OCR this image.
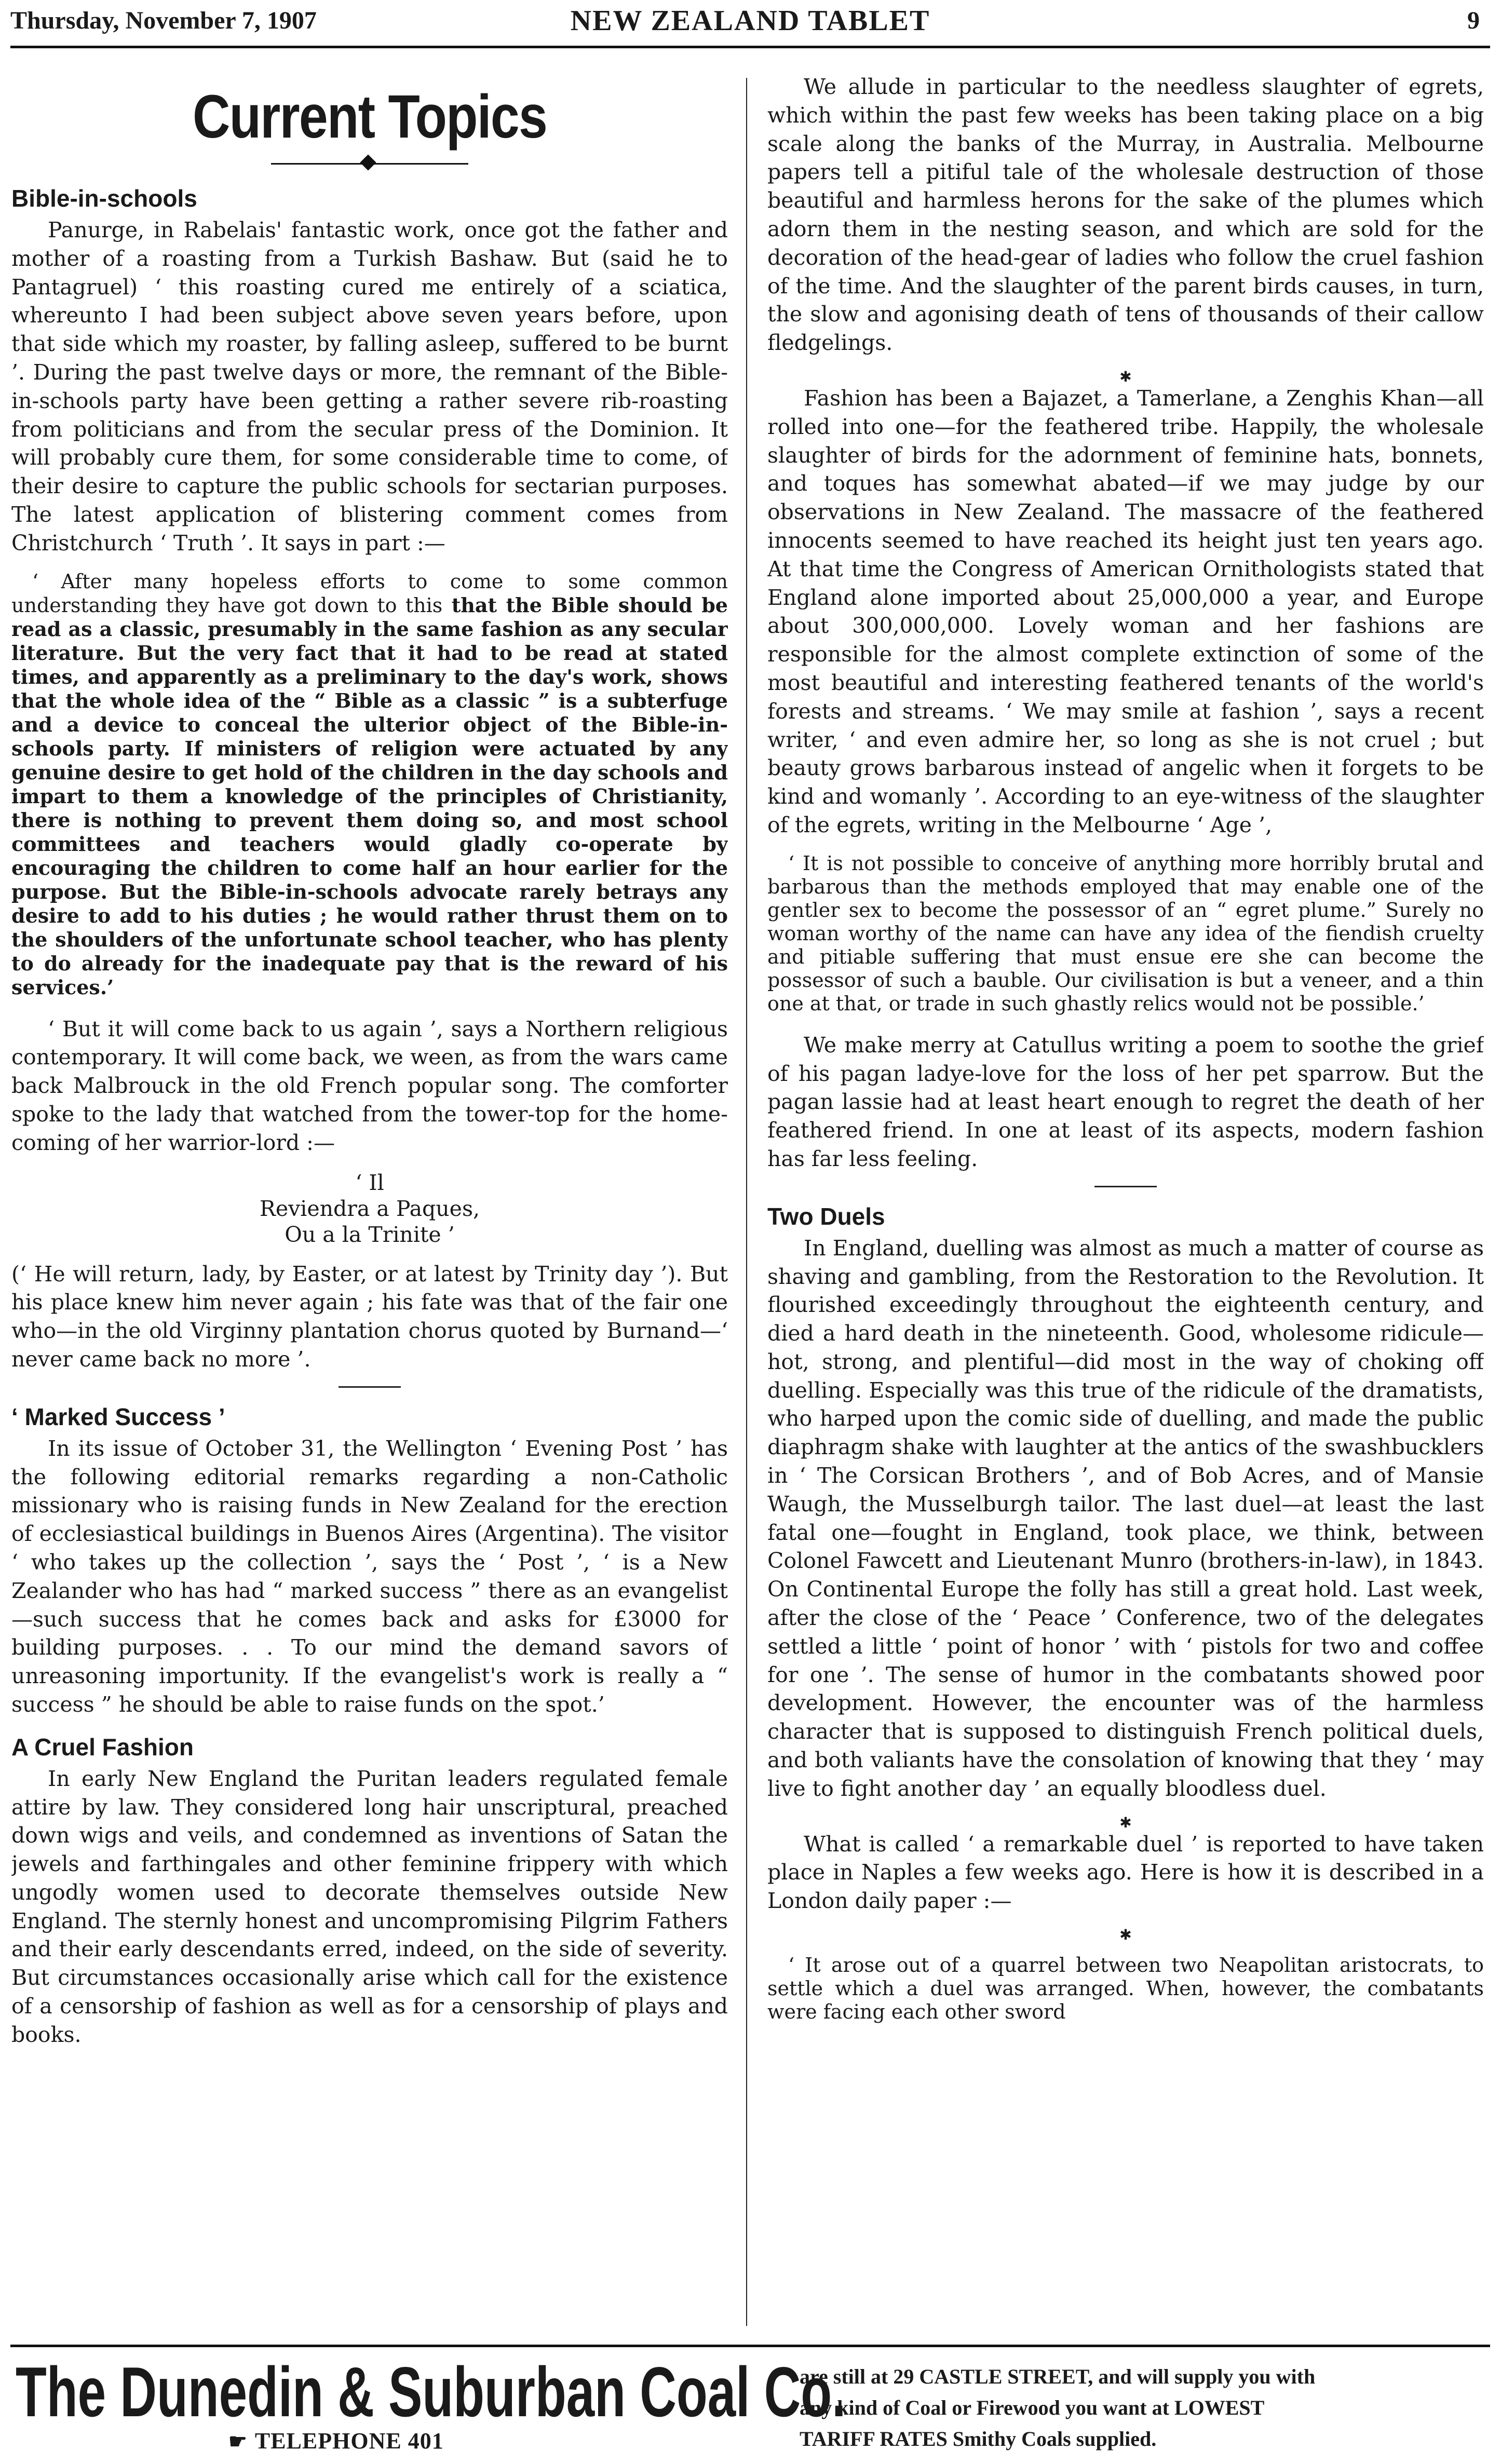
Thursday, November 7, 1907	NEW ZEALAND TABLET	9
Current Topics
Bible-in-schools

Panurge, in Rabelais' fantastic work, once got the father and mother of a roasting from a Turkish Bashaw. But (said he to Pantagruel) ‘ this roasting cured me entirely of a sciatica, whereunto I had been subject above seven years before, upon that side which my roaster, by falling asleep, suffered to be burnt ’. During the past twelve days or more, the remnant of the Bible-in-schools party have been getting a rather severe rib-roasting from politicians and from the secular press of the Dominion. It will probably cure them, for some considerable time to come, of their desire to capture the public schools for sectarian purposes. The latest application of blistering comment comes from Christchurch ‘ Truth ’. It says in part :—

‘ After many hopeless efforts to come to some common understanding they have got down to this that the Bible should be read as a classic, presumably in the same fashion as any secular literature. But the very fact that it had to be read at stated times, and apparently as a preliminary to the day's work, shows that the whole idea of the “ Bible as a classic ” is a subterfuge and a device to conceal the ulterior object of the Bible-in-schools party. If ministers of religion were actuated by any genuine desire to get hold of the children in the day schools and impart to them a knowledge of the principles of Christianity, there is nothing to prevent them doing so, and most school committees and teachers would gladly co-operate by encouraging the children to come half an hour earlier for the purpose. But the Bible-in-schools advocate rarely betrays any desire to add to his duties ; he would rather thrust them on to the shoulders of the unfortunate school teacher, who has plenty to do already for the inadequate pay that is the reward of his services.’

‘ But it will come back to us again ’, says a Northern religious contemporary. It will come back, we ween, as from the wars came back Malbrouck in the old French popular song. The comforter spoke to the lady that watched from the tower-top for the home-coming of her warrior-lord :—

‘ Il
Reviendra a Paques,
Ou a la Trinite ’

(‘ He will return, lady, by Easter, or at latest by Trinity day ’). But his place knew him never again ; his fate was that of the fair one who—in the old Virginny plantation chorus quoted by Burnand—‘ never came back no more ’.

‘ Marked Success ’

In its issue of October 31, the Wellington ‘ Evening Post ’ has the following editorial remarks regarding a non-Catholic missionary who is raising funds in New Zealand for the erection of ecclesiastical buildings in Buenos Aires (Argentina). The visitor ‘ who takes up the collection ’, says the ‘ Post ’, ‘ is a New Zealander who has had “ marked success ” there as an evangelist—such success that he comes back and asks for £3000 for building purposes. . . To our mind the demand savors of unreasoning importunity. If the evangelist's work is really a “ success ” he should be able to raise funds on the spot.’

A Cruel Fashion

In early New England the Puritan leaders regulated female attire by law. They considered long hair unscriptural, preached down wigs and veils, and condemned as inventions of Satan the jewels and farthingales and other feminine frippery with which ungodly women used to decorate themselves outside New England. The sternly honest and uncompromising Pilgrim Fathers and their early descendants erred, indeed, on the side of severity. But circumstances occasionally arise which call for the existence of a censorship of fashion as well as for a censorship of plays and books.

We allude in particular to the needless slaughter of egrets, which within the past few weeks has been taking place on a big scale along the banks of the Murray, in Australia. Melbourne papers tell a pitiful tale of the wholesale destruction of those beautiful and harmless herons for the sake of the plumes which adorn them in the nesting season, and which are sold for the decoration of the head-gear of ladies who follow the cruel fashion of the time. And the slaughter of the parent birds causes, in turn, the slow and agonising death of tens of thousands of their callow fledgelings.

✱

Fashion has been a Bajazet, a Tamerlane, a Zenghis Khan—all rolled into one—for the feathered tribe. Happily, the wholesale slaughter of birds for the adornment of feminine hats, bonnets, and toques has somewhat abated—if we may judge by our observations in New Zealand. The massacre of the feathered innocents seemed to have reached its height just ten years ago. At that time the Congress of American Ornithologists stated that England alone imported about 25,000,000 a year, and Europe about 300,000,000. Lovely woman and her fashions are responsible for the almost complete extinction of some of the most beautiful and interesting feathered tenants of the world's forests and streams. ‘ We may smile at fashion ’, says a recent writer, ‘ and even admire her, so long as she is not cruel ; but beauty grows barbarous instead of angelic when it forgets to be kind and womanly ’. According to an eye-witness of the slaughter of the egrets, writing in the Melbourne ‘ Age ’,

‘ It is not possible to conceive of anything more horribly brutal and barbarous than the methods employed that may enable one of the gentler sex to become the possessor of an “ egret plume.” Surely no woman worthy of the name can have any idea of the fiendish cruelty and pitiable suffering that must ensue ere she can become the possessor of such a bauble. Our civilisation is but a veneer, and a thin one at that, or trade in such ghastly relics would not be possible.’

We make merry at Catullus writing a poem to soothe the grief of his pagan ladye-love for the loss of her pet sparrow. But the pagan lassie had at least heart enough to regret the death of her feathered friend. In one at least of its aspects, modern fashion has far less feeling.

Two Duels

In England, duelling was almost as much a matter of course as shaving and gambling, from the Restoration to the Revolution. It flourished exceedingly throughout the eighteenth century, and died a hard death in the nineteenth. Good, wholesome ridicule—hot, strong, and plentiful—did most in the way of choking off duelling. Especially was this true of the ridicule of the dramatists, who harped upon the comic side of duelling, and made the public diaphragm shake with laughter at the antics of the swashbucklers in ‘ The Corsican Brothers ’, and of Bob Acres, and of Mansie Waugh, the Musselburgh tailor. The last duel—at least the last fatal one—fought in England, took place, we think, between Colonel Fawcett and Lieutenant Munro (brothers-in-law), in 1843. On Continental Europe the folly has still a great hold. Last week, after the close of the ‘ Peace ’ Conference, two of the delegates settled a little ‘ point of honor ’ with ‘ pistols for two and coffee for one ’. The sense of humor in the combatants showed poor development. However, the encounter was of the harmless character that is supposed to distinguish French political duels, and both valiants have the consolation of knowing that they ‘ may live to fight another day ’ an equally bloodless duel.

✱

What is called ‘ a remarkable duel ’ is reported to have taken place in Naples a few weeks ago. Here is how it is described in a London daily paper :—

✱

‘ It arose out of a quarrel between two Neapolitan aristocrats, to settle which a duel was arranged. When, however, the combatants were facing each other sword

The Dunedin & Suburban Coal Co.
☛ TELEPHONE 401
are still at 29 CASTLE STREET, and will supply you with
any kind of Coal or Firewood you want at LOWEST
TARIFF RATES Smithy Coals supplied.
